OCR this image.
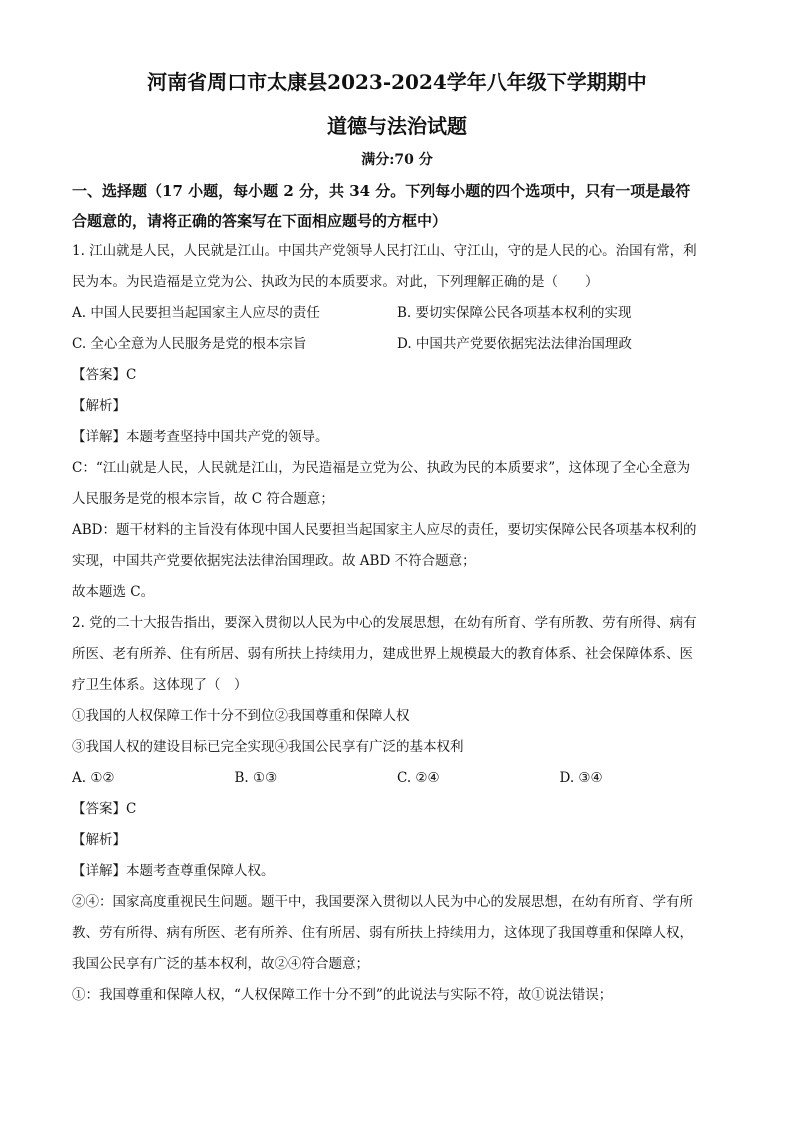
河南省周口市太康县2023-2024学年八年级下学期期中
道德与法治试题
满分:70 分
一、选择题（17 小题，每小题 2 分，共 34 分。下列每小题的四个选项中，只有一项是最符
合题意的，请将正确的答案写在下面相应题号的方框中）

1. 江山就是人民，人民就是江山。中国共产党领导人民打江山、守江山，守的是人民的心。治国有常，利

民为本。为民造福是立党为公、执政为民的本质要求。对此，下列理解正确的是（　　）

A. 中国人民要担当起国家主人应尽的责任	B. 要切实保障公民各项基本权利的实现
C. 全心全意为人民服务是党的根本宗旨	D. 中国共产党要依据宪法法律治国理政

【答案】C

【解析】

【详解】本题考查坚持中国共产党的领导。

C：“江山就是人民，人民就是江山，为民造福是立党为公、执政为民的本质要求”，这体现了全心全意为

人民服务是党的根本宗旨，故 C 符合题意；

ABD：题干材料的主旨没有体现中国人民要担当起国家主人应尽的责任，要切实保障公民各项基本权利的

实现，中国共产党要依据宪法法律治国理政。故 ABD 不符合题意；

故本题选 C。

2. 党的二十大报告指出，要深入贯彻以人民为中心的发展思想，在幼有所育、学有所教、劳有所得、病有

所医、老有所养、住有所居、弱有所扶上持续用力，建成世界上规模最大的教育体系、社会保障体系、医

疗卫生体系。这体现了（　）

①我国的人权保障工作十分不到位②我国尊重和保障人权

③我国人权的建设目标已完全实现④我国公民享有广泛的基本权利

A. ①②	B. ①③	C. ②④	D. ③④

【答案】C

【解析】

【详解】本题考查尊重保障人权。

②④：国家高度重视民生问题。题干中，我国要深入贯彻以人民为中心的发展思想，在幼有所育、学有所

教、劳有所得、病有所医、老有所养、住有所居、弱有所扶上持续用力，这体现了我国尊重和保障人权，

我国公民享有广泛的基本权利，故②④符合题意；

①：我国尊重和保障人权，“人权保障工作十分不到”的此说法与实际不符，故①说法错误；
